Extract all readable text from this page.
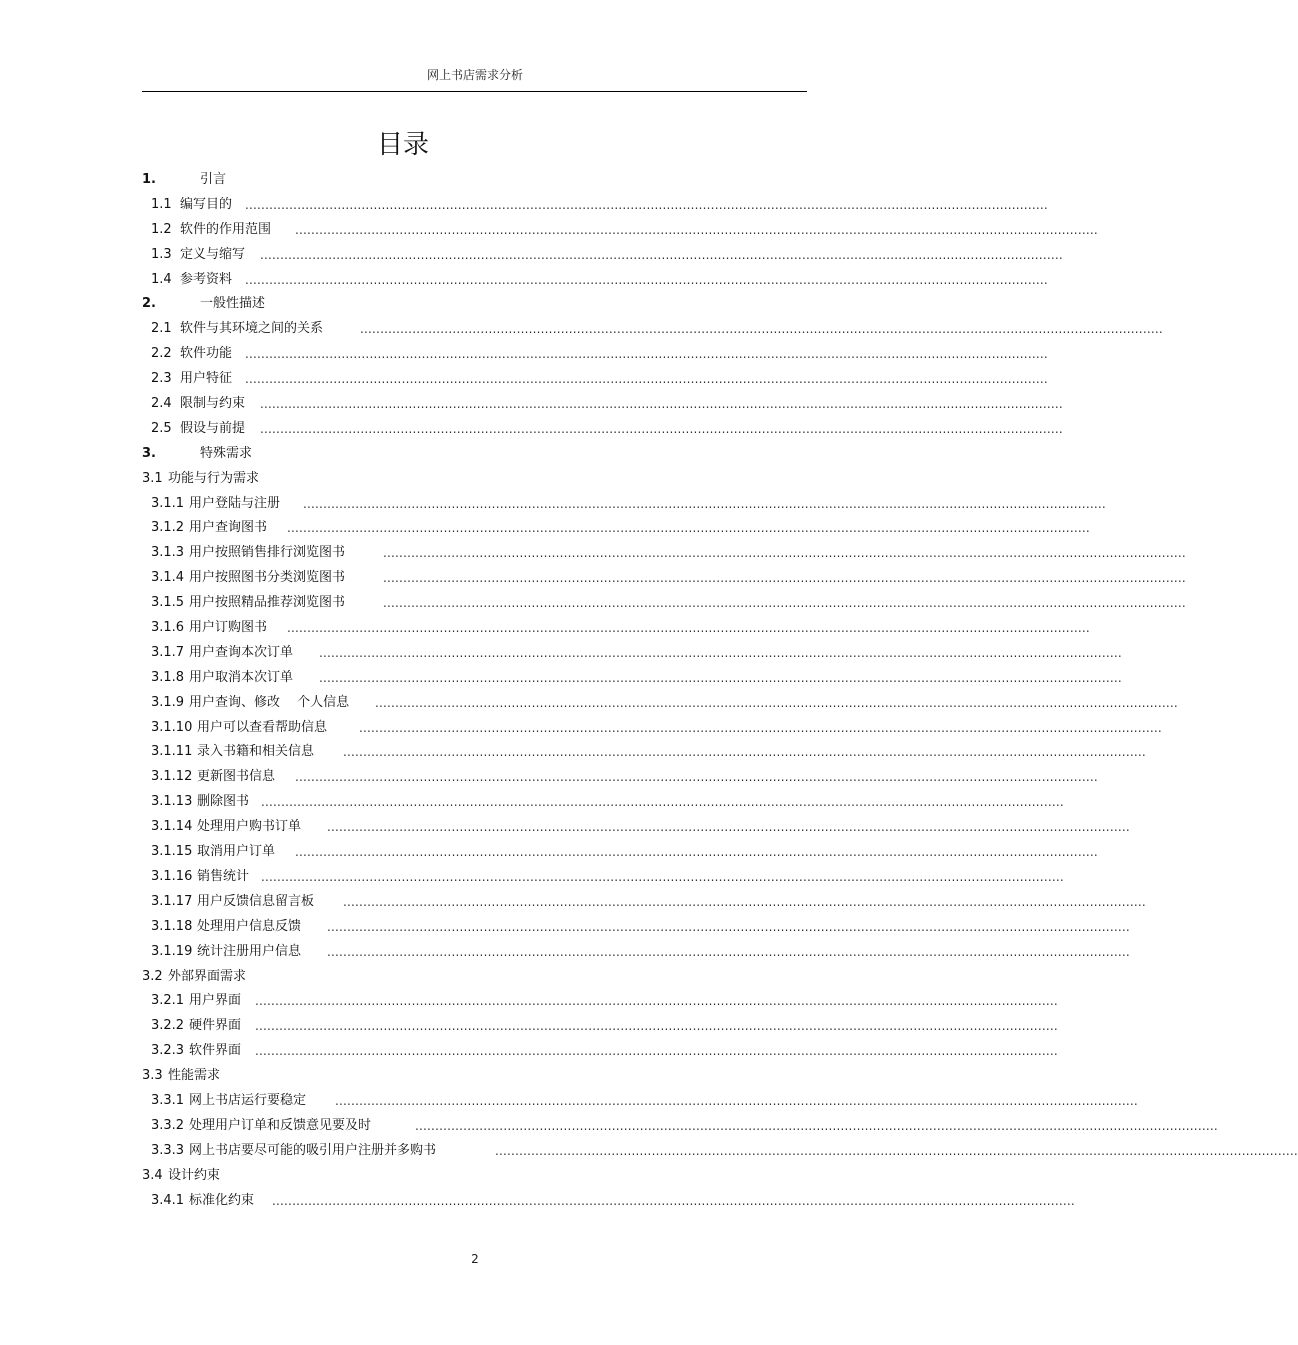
网上书店需求分析
目录
1.	引言
1.1 编写目的 ........................................................................................................................................................................................................
1.2 软件的作用范围 ........................................................................................................................................................................................................
1.3 定义与缩写 ........................................................................................................................................................................................................
1.4 参考资料 ........................................................................................................................................................................................................
2.	一般性描述
2.1 软件与其环境之间的关系	........................................................................................................................................................................................................
2.2 软件功能 ........................................................................................................................................................................................................
2.3 用户特征 ........................................................................................................................................................................................................
2.4 限制与约束 ........................................................................................................................................................................................................
2.5 假设与前提 ........................................................................................................................................................................................................
3.	特殊需求
3.1 功能与行为需求
3.1.1 用户登陆与注册 ........................................................................................................................................................................................................
3.1.2 用户查询图书 ........................................................................................................................................................................................................
3.1.3 用户按照销售排行浏览图书	........................................................................................................................................................................................................
3.1.4 用户按照图书分类浏览图书	........................................................................................................................................................................................................
3.1.5 用户按照精品推荐浏览图书	........................................................................................................................................................................................................
3.1.6 用户订购图书 ........................................................................................................................................................................................................
3.1.7 用户查询本次订单 ........................................................................................................................................................................................................
3.1.8 用户取消本次订单 ........................................................................................................................................................................................................
3.1.9 用户查询、修改　 个人信息 ........................................................................................................................................................................................................
3.1.10 用户可以查看帮助信息	........................................................................................................................................................................................................
3.1.11 录入书籍和相关信息 ........................................................................................................................................................................................................
3.1.12 更新图书信息 ........................................................................................................................................................................................................
3.1.13 删除图书 ........................................................................................................................................................................................................
3.1.14 处理用户购书订单 ........................................................................................................................................................................................................
3.1.15 取消用户订单 ........................................................................................................................................................................................................
3.1.16 销售统计 ........................................................................................................................................................................................................
3.1.17 用户反馈信息留言板 ........................................................................................................................................................................................................
3.1.18 处理用户信息反馈 ........................................................................................................................................................................................................
3.1.19 统计注册用户信息 ........................................................................................................................................................................................................
3.2 外部界面需求
3.2.1 用户界面 ........................................................................................................................................................................................................
3.2.2 硬件界面 ........................................................................................................................................................................................................
3.2.3 软件界面 ........................................................................................................................................................................................................
3.3 性能需求
3.3.1 网上书店运行要稳定 ........................................................................................................................................................................................................
3.3.2 处理用户订单和反馈意见要及时	........................................................................................................................................................................................................
3.3.3 网上书店要尽可能的吸引用户注册并多购书	........................................................................................................................................................................................................
3.4 设计约束
3.4.1 标准化约束 ........................................................................................................................................................................................................
2
